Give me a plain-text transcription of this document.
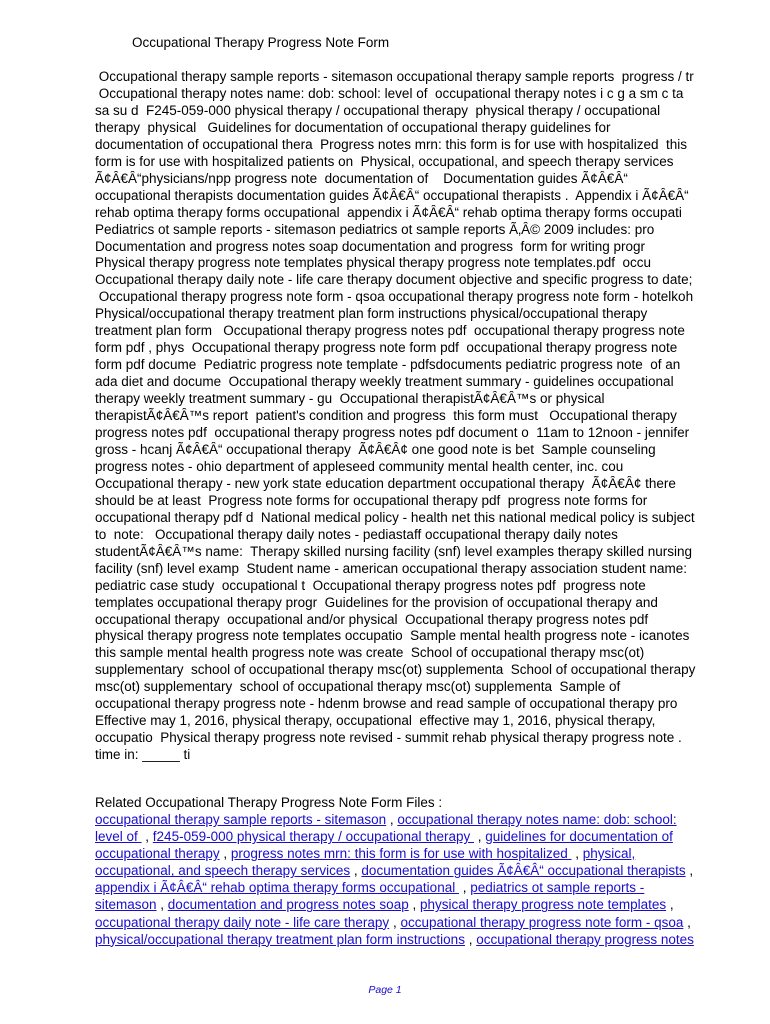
Occupational Therapy Progress Note Form
Occupational therapy sample reports - sitemason occupational therapy sample reports  progress / tr
Occupational therapy notes name: dob: school: level of  occupational therapy notes i c g a sm c ta
sa su d  F245-059-000 physical therapy / occupational therapy  physical therapy / occupational
therapy  physical   Guidelines for documentation of occupational therapy guidelines for
documentation of occupational thera  Progress notes mrn: this form is for use with hospitalized  this
form is for use with hospitalized patients on  Physical, occupational, and speech therapy services
Ã¢Â€Â“physicians/npp progress note  documentation of    Documentation guides Ã¢Â€Â“
occupational therapists documentation guides Ã¢Â€Â“ occupational therapists .  Appendix i Ã¢Â€Â“
rehab optima therapy forms occupational  appendix i Ã¢Â€Â“ rehab optima therapy forms occupati
Pediatrics ot sample reports - sitemason pediatrics ot sample reports Ã‚Â© 2009 includes: pro
Documentation and progress notes soap documentation and progress  form for writing progr
Physical therapy progress note templates physical therapy progress note templates.pdf  occu
Occupational therapy daily note - life care therapy document objective and specific progress to date;
Occupational therapy progress note form - qsoa occupational therapy progress note form - hotelkoh
Physical/occupational therapy treatment plan form instructions physical/occupational therapy
treatment plan form   Occupational therapy progress notes pdf  occupational therapy progress note
form pdf , phys  Occupational therapy progress note form pdf  occupational therapy progress note
form pdf docume  Pediatric progress note template - pdfsdocuments pediatric progress note  of an
ada diet and docume  Occupational therapy weekly treatment summary - guidelines occupational
therapy weekly treatment summary - gu  Occupational therapistÃ¢Â€Â™s or physical
therapistÃ¢Â€Â™s report  patient's condition and progress  this form must   Occupational therapy
progress notes pdf  occupational therapy progress notes pdf document o  11am to 12noon - jennifer
gross - hcanj Ã¢Â€Â“ occupational therapy  Ã¢Â€Â¢ one good note is bet  Sample counseling
progress notes - ohio department of appleseed community mental health center, inc. cou
Occupational therapy - new york state education department occupational therapy  Ã¢Â€Â¢ there
should be at least  Progress note forms for occupational therapy pdf  progress note forms for
occupational therapy pdf d  National medical policy - health net this national medical policy is subject
to  note:   Occupational therapy daily notes - pediastaff occupational therapy daily notes
studentÃ¢Â€Â™s name:  Therapy skilled nursing facility (snf) level examples therapy skilled nursing
facility (snf) level examp  Student name - american occupational therapy association student name:
pediatric case study  occupational t  Occupational therapy progress notes pdf  progress note
templates occupational therapy progr  Guidelines for the provision of occupational therapy and
occupational therapy  occupational and/or physical  Occupational therapy progress notes pdf
physical therapy progress note templates occupatio  Sample mental health progress note - icanotes
this sample mental health progress note was create  School of occupational therapy msc(ot)
supplementary  school of occupational therapy msc(ot) supplementa  School of occupational therapy
msc(ot) supplementary  school of occupational therapy msc(ot) supplementa  Sample of
occupational therapy progress note - hdenm browse and read sample of occupational therapy pro
Effective may 1, 2016, physical therapy, occupational  effective may 1, 2016, physical therapy,
occupatio  Physical therapy progress note revised - summit rehab physical therapy progress note .
time in: _____ ti
Related Occupational Therapy Progress Note Form Files :
occupational therapy sample reports - sitemason , occupational therapy notes name: dob: school:
level of  , f245-059-000 physical therapy / occupational therapy  , guidelines for documentation of
occupational therapy , progress notes mrn: this form is for use with hospitalized  , physical,
occupational, and speech therapy services , documentation guides Ã¢Â€Â“ occupational therapists ,
appendix i Ã¢Â€Â“ rehab optima therapy forms occupational  , pediatrics ot sample reports -
sitemason , documentation and progress notes soap , physical therapy progress note templates ,
occupational therapy daily note - life care therapy , occupational therapy progress note form - qsoa ,
physical/occupational therapy treatment plan form instructions , occupational therapy progress notes
Page 1
